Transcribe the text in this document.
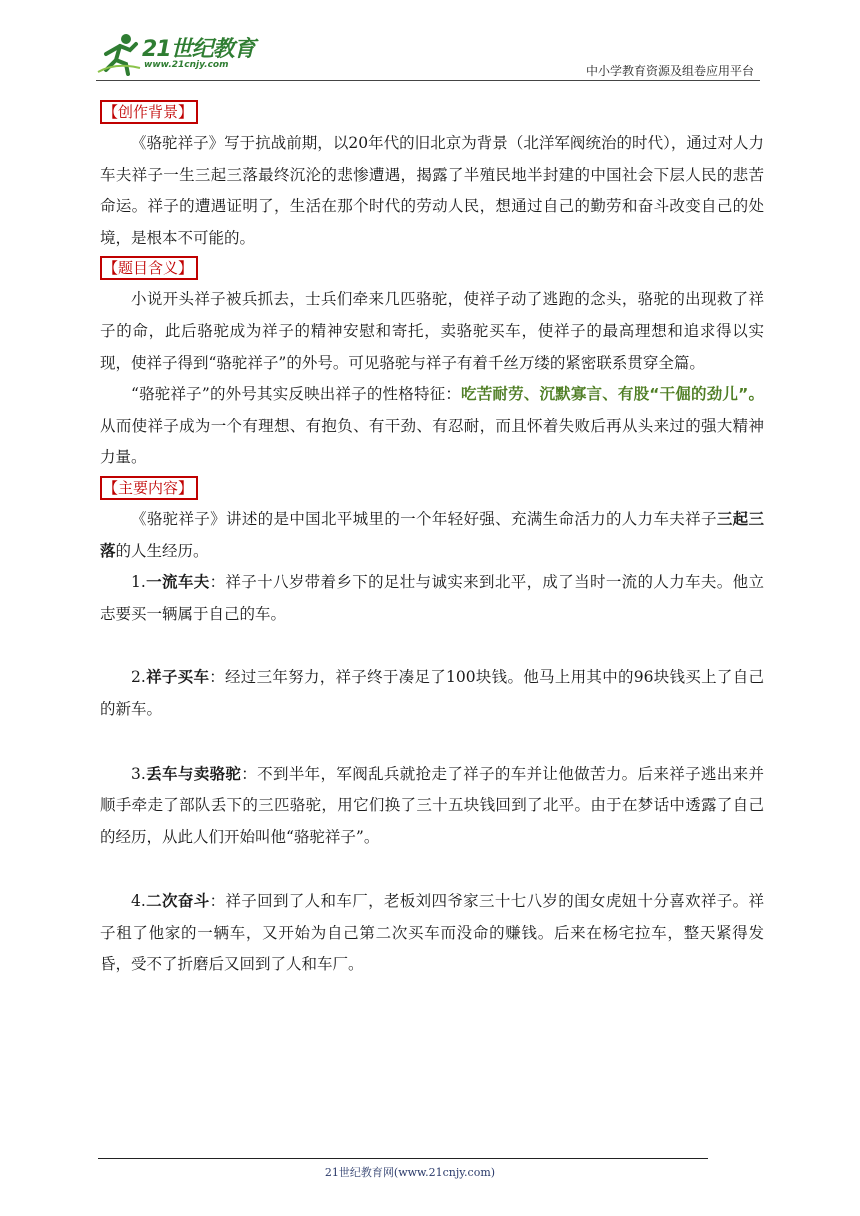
21世纪教育
www.21cnjy.com	中小学教育资源及组卷应用平台
【创作背景】

《骆驼祥子》写于抗战前期，以20年代的旧北京为背景（北洋军阀统治的时代），通过对人力车夫祥子一生三起三落最终沉沦的悲惨遭遇，揭露了半殖民地半封建的中国社会下层人民的悲苦命运。祥子的遭遇证明了，生活在那个时代的劳动人民，想通过自己的勤劳和奋斗改变自己的处境，是根本不可能的。

【题目含义】

小说开头祥子被兵抓去，士兵们牵来几匹骆驼，使祥子动了逃跑的念头，骆驼的出现救了祥子的命，此后骆驼成为祥子的精神安慰和寄托，卖骆驼买车，使祥子的最高理想和追求得以实现，使祥子得到“骆驼祥子”的外号。可见骆驼与祥子有着千丝万缕的紧密联系贯穿全篇。

“骆驼祥子”的外号其实反映出祥子的性格特征：吃苦耐劳、沉默寡言、有股“干倔的劲儿”。从而使祥子成为一个有理想、有抱负、有干劲、有忍耐，而且怀着失败后再从头来过的强大精神力量。

【主要内容】

《骆驼祥子》讲述的是中国北平城里的一个年轻好强、充满生命活力的人力车夫祥子三起三落的人生经历。

1.一流车夫：祥子十八岁带着乡下的足壮与诚实来到北平，成了当时一流的人力车夫。他立志要买一辆属于自己的车。

2.祥子买车：经过三年努力，祥子终于凑足了100块钱。他马上用其中的96块钱买上了自己的新车。

3.丢车与卖骆驼：不到半年，军阀乱兵就抢走了祥子的车并让他做苦力。后来祥子逃出来并顺手牵走了部队丢下的三匹骆驼，用它们换了三十五块钱回到了北平。由于在梦话中透露了自己的经历，从此人们开始叫他“骆驼祥子”。

4.二次奋斗：祥子回到了人和车厂，老板刘四爷家三十七八岁的闺女虎妞十分喜欢祥子。祥子租了他家的一辆车，又开始为自己第二次买车而没命的赚钱。后来在杨宅拉车，整天紧得发昏，受不了折磨后又回到了人和车厂。

21世纪教育网(www.21cnjy.com)
